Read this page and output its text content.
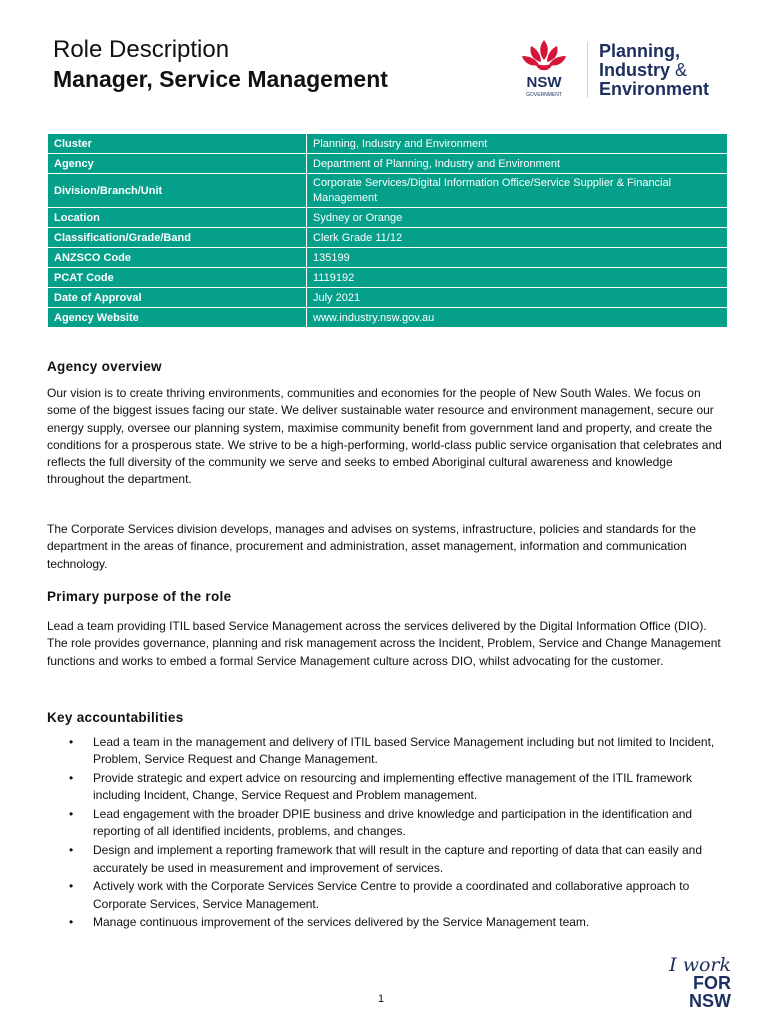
Role Description
Manager, Service Management	NSW
GOVERNMENT
Planning,
Industry &
Environment
Cluster	Planning, Industry and Environment
Agency	Department of Planning, Industry and Environment
Division/Branch/Unit	Corporate Services/Digital Information Office/Service Supplier & Financial Management
Location	Sydney or Orange
Classification/Grade/Band	Clerk Grade 11/12
ANZSCO Code	135199
PCAT Code	1119192
Date of Approval	July 2021
Agency Website	www.industry.nsw.gov.au
Agency overview
Our vision is to create thriving environments, communities and economies for the people of New South Wales. We focus on some of the biggest issues facing our state. We deliver sustainable water resource and environment management, secure our energy supply, oversee our planning system, maximise community benefit from government land and property, and create the conditions for a prosperous state. We strive to be a high-performing, world-class public service organisation that celebrates and reflects the full diversity of the community we serve and seeks to embed Aboriginal cultural awareness and knowledge throughout the department.
The Corporate Services division develops, manages and advises on systems, infrastructure, policies and standards for the department in the areas of finance, procurement and administration, asset management, information and communication technology.
Primary purpose of the role
Lead a team providing ITIL based Service Management across the services delivered by the Digital Information Office (DIO). The role provides governance, planning and risk management across the Incident, Problem, Service and Change Management functions and works to embed a formal Service Management culture across DIO, whilst advocating for the customer.
Key accountabilities
• Lead a team in the management and delivery of ITIL based Service Management including but not limited to Incident, Problem, Service Request and Change Management.
• Provide strategic and expert advice on resourcing and implementing effective management of the ITIL framework including Incident, Change, Service Request and Problem management.
• Lead engagement with the broader DPIE business and drive knowledge and participation in the identification and reporting of all identified incidents, problems, and changes.
• Design and implement a reporting framework that will result in the capture and reporting of data that can easily and accurately be used in measurement and improvement of services.
• Actively work with the Corporate Services Service Centre to provide a coordinated and collaborative approach to Corporate Services, Service Management.
• Manage continuous improvement of the services delivered by the Service Management team.
I work
FOR
NSW
1
